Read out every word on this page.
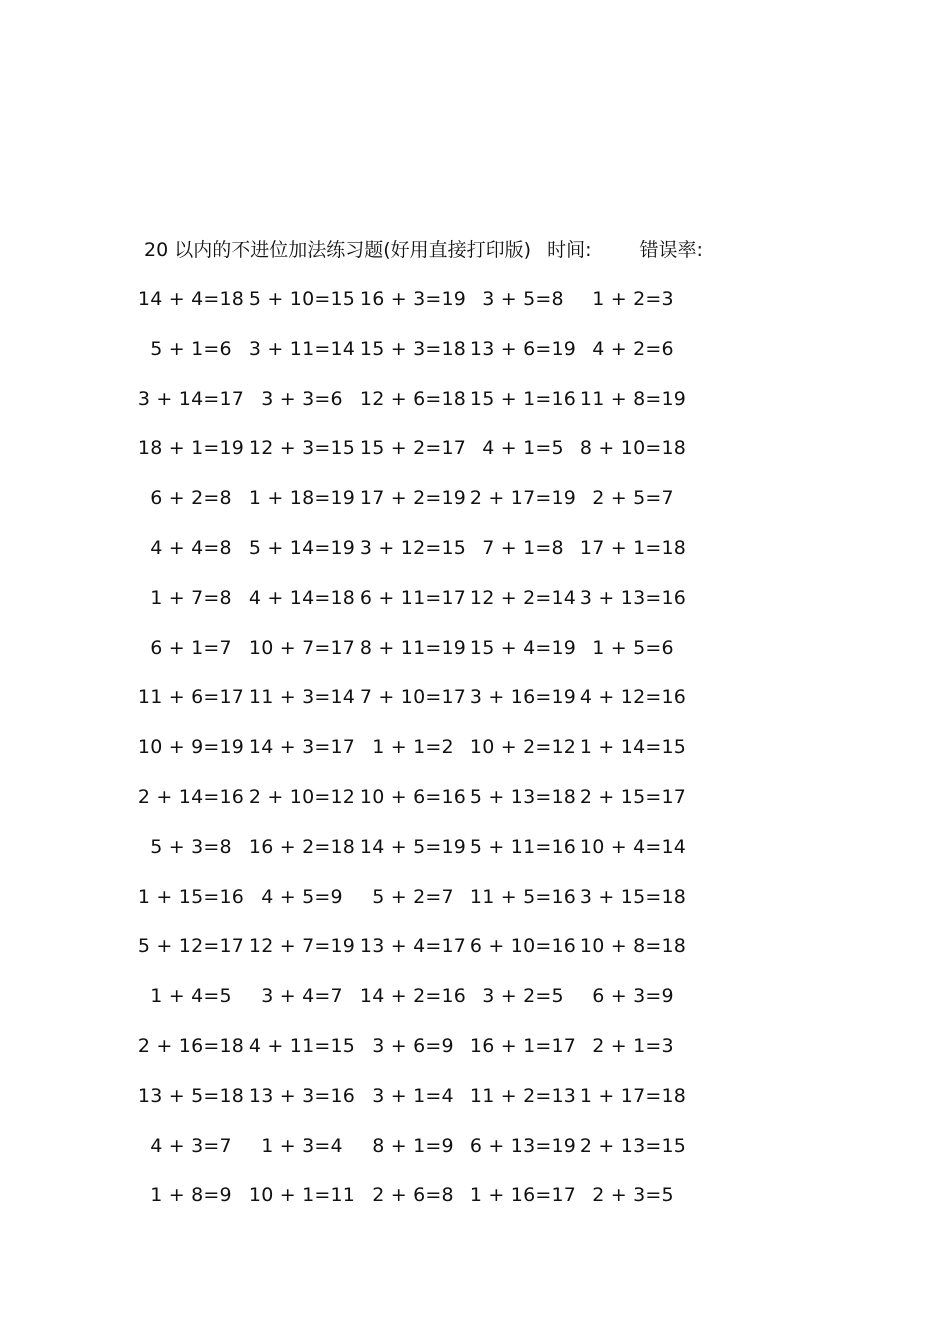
20 以内的不进位加法练习题(好用直接打印版) 时间:	错误率:
14 + 4=18 5 + 10=15 16 + 3=19 3 + 5=8	1 + 2=3
5 + 1=6 3 + 11=14 15 + 3=18 13 + 6=19 4 + 2=6
3 + 14=17 3 + 3=6 12 + 6=18 15 + 1=16 11 + 8=19
18 + 1=19 12 + 3=15 15 + 2=17 4 + 1=5 8 + 10=18
6 + 2=8 1 + 18=19 17 + 2=19 2 + 17=19 2 + 5=7
4 + 4=8 5 + 14=19 3 + 12=15 7 + 1=8 17 + 1=18
1 + 7=8 4 + 14=18 6 + 11=17 12 + 2=14 3 + 13=16
6 + 1=7 10 + 7=17 8 + 11=19 15 + 4=19 1 + 5=6
11 + 6=17 11 + 3=14 7 + 10=17 3 + 16=19 4 + 12=16
10 + 9=19 14 + 3=17 1 + 1=2 10 + 2=12 1 + 14=15
2 + 14=16 2 + 10=12 10 + 6=16 5 + 13=18 2 + 15=17
5 + 3=8 16 + 2=18 14 + 5=19 5 + 11=16 10 + 4=14
1 + 15=16 4 + 5=9	5 + 2=7 11 + 5=16 3 + 15=18
5 + 12=17 12 + 7=19 13 + 4=17 6 + 10=16 10 + 8=18
1 + 4=5	3 + 4=7 14 + 2=16 3 + 2=5	6 + 3=9
2 + 16=18 4 + 11=15 3 + 6=9 16 + 1=17 2 + 1=3
13 + 5=18 13 + 3=16 3 + 1=4 11 + 2=13 1 + 17=18
4 + 3=7	1 + 3=4	8 + 1=9 6 + 13=19 2 + 13=15
1 + 8=9 10 + 1=11 2 + 6=8 1 + 16=17 2 + 3=5
